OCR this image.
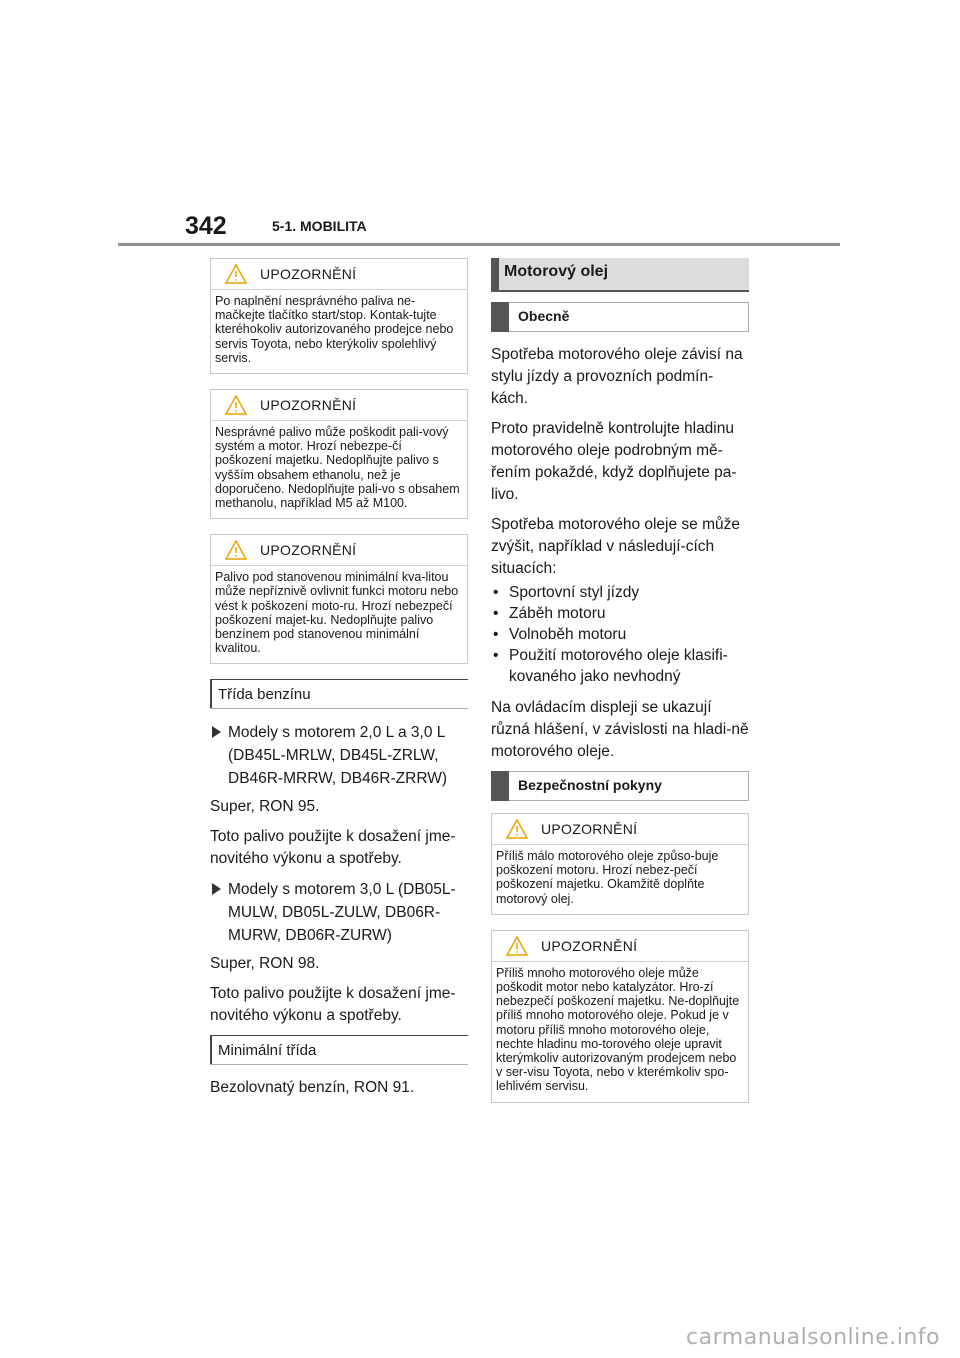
342	5-1. MOBILITA
UPOZORNĚNÍ
Po naplnění nesprávného paliva ne-mačkejte tlačítko start/stop. Kontak-tujte kteréhokoliv autorizovaného prodejce nebo servis Toyota, nebo kterýkoliv spolehlivý servis.
UPOZORNĚNÍ
Nesprávné palivo může poškodit pali-vový systém a motor. Hrozí nebezpe-čí poškození majetku. Nedoplňujte palivo s vyšším obsahem ethanolu, než je doporučeno. Nedoplňujte pali-vo s obsahem methanolu, například M5 až M100.
UPOZORNĚNÍ
Palivo pod stanovenou minimální kva-litou může nepříznivě ovlivnit funkci motoru nebo vést k poškození moto-ru. Hrozí nebezpečí poškození majet-ku. Nedoplňujte palivo benzínem pod stanovenou minimální kvalitou.
Třída benzínu
Modely s motorem 2,0 L a 3,0 L (DB45L-MRLW, DB45L-ZRLW, DB46R-MRRW, DB46R-ZRRW)

Super, RON 95.

Toto palivo použijte k dosažení jme-novitého výkonu a spotřeby.

Modely s motorem 3,0 L (DB05L-MULW, DB05L-ZULW, DB06R-MURW, DB06R-ZURW)

Super, RON 98.

Toto palivo použijte k dosažení jme-novitého výkonu a spotřeby.

Minimální třída

Bezolovnatý benzín, RON 91.

Motorový olej
Obecně

Spotřeba motorového oleje závisí na stylu jízdy a provozních podmín-kách.

Proto pravidelně kontrolujte hladinu motorového oleje podrobným mě-řením pokaždé, když doplňujete pa-livo.

Spotřeba motorového oleje se může zvýšit, například v následují-cích situacích:

• Sportovní styl jízdy
• Záběh motoru
• Volnoběh motoru
• Použití motorového oleje klasifi-kovaného jako nevhodný

Na ovládacím displeji se ukazují různá hlášení, v závislosti na hladi-ně motorového oleje.

Bezpečnostní pokyny
UPOZORNĚNÍ
Příliš málo motorového oleje způso-buje poškození motoru. Hrozí nebez-pečí poškození majetku. Okamžitě doplňte motorový olej.
UPOZORNĚNÍ
Příliš mnoho motorového oleje může poškodit motor nebo katalyzátor. Hro-zí nebezpečí poškození majetku. Ne-doplňujte příliš mnoho motorového oleje. Pokud je v motoru příliš mnoho motorového oleje, nechte hladinu mo-torového oleje upravit kterýmkoliv autorizovaným prodejcem nebo v ser-visu Toyota, nebo v kterémkoliv spo-lehlivém servisu.
carmanualsonline.info
